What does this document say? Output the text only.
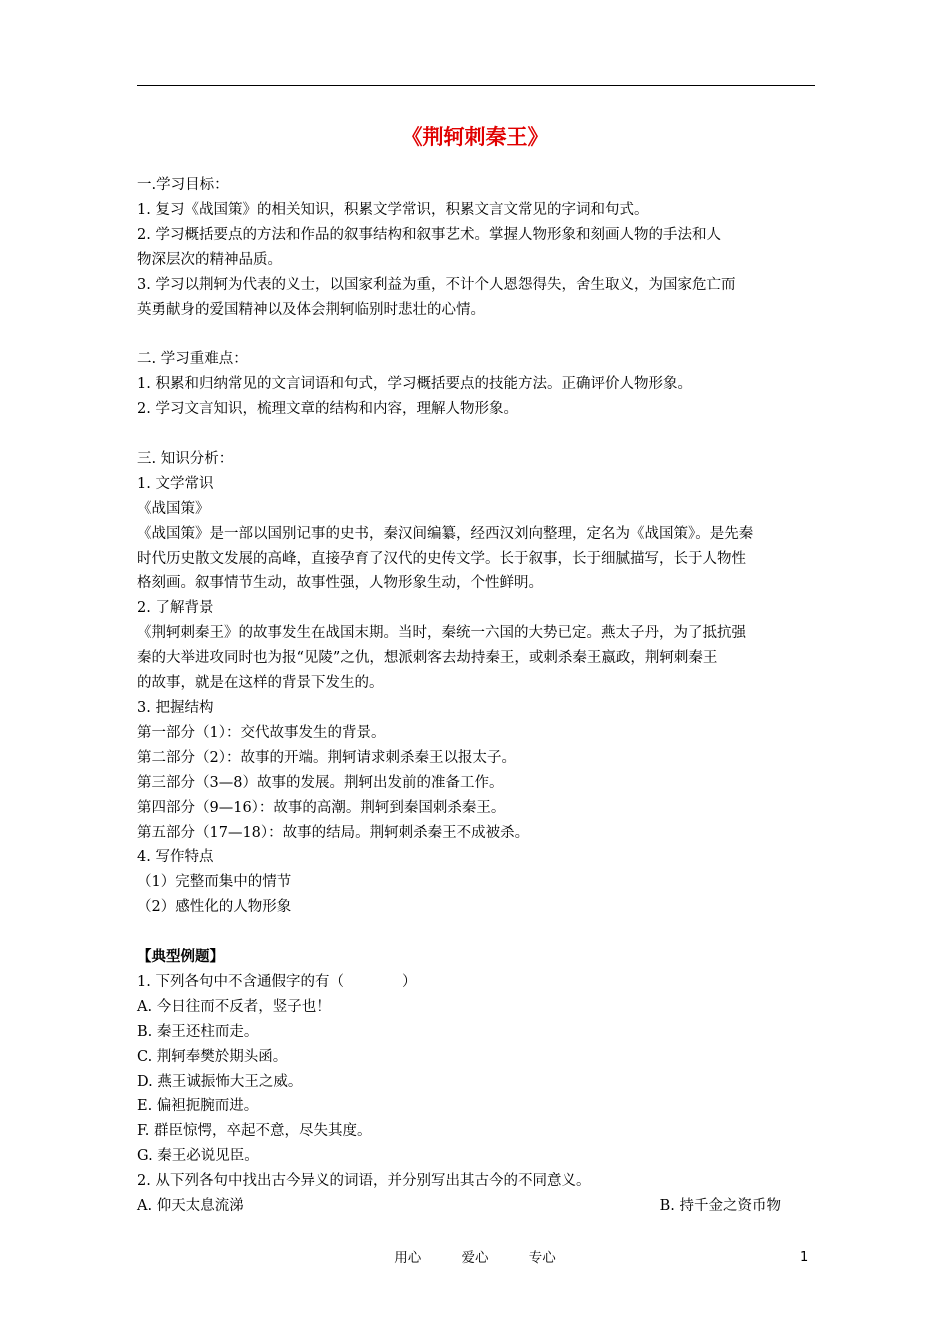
《荆轲刺秦王》

一.学习目标：

1. 复习《战国策》的相关知识，积累文学常识，积累文言文常见的字词和句式。

2. 学习概括要点的方法和作品的叙事结构和叙事艺术。掌握人物形象和刻画人物的手法和人

物深层次的精神品质。

3. 学习以荆轲为代表的义士，以国家利益为重，不计个人恩怨得失，舍生取义，为国家危亡而

英勇献身的爱国精神以及体会荆轲临别时悲壮的心情。

二. 学习重难点：

1. 积累和归纳常见的文言词语和句式，学习概括要点的技能方法。正确评价人物形象。

2. 学习文言知识，梳理文章的结构和内容，理解人物形象。

三. 知识分析：

1. 文学常识

《战国策》

《战国策》是一部以国别记事的史书，秦汉间编纂，经西汉刘向整理，定名为《战国策》。是先秦

时代历史散文发展的高峰，直接孕育了汉代的史传文学。长于叙事，长于细腻描写，长于人物性

格刻画。叙事情节生动，故事性强，人物形象生动，个性鲜明。

2. 了解背景

《荆轲刺秦王》的故事发生在战国末期。当时，秦统一六国的大势已定。燕太子丹，为了抵抗强

秦的大举进攻同时也为报“见陵”之仇，想派刺客去劫持秦王，或刺杀秦王嬴政，荆轲刺秦王

的故事，就是在这样的背景下发生的。

3. 把握结构

第一部分（1）：交代故事发生的背景。

第二部分（2）：故事的开端。荆轲请求刺杀秦王以报太子。

第三部分（3—8）故事的发展。荆轲出发前的准备工作。

第四部分（9—16）：故事的高潮。荆轲到秦国刺杀秦王。

第五部分（17—18）：故事的结局。荆轲刺杀秦王不成被杀。

4. 写作特点

（1）完整而集中的情节

（2）感性化的人物形象

【典型例题】

1. 下列各句中不含通假字的有（　　　　）

A. 今日往而不反者，竖子也！

B. 秦王还柱而走。

C. 荆轲奉樊於期头函。

D. 燕王诚振怖大王之威。

E. 偏袒扼腕而进。

F. 群臣惊愕，卒起不意，尽失其度。

G. 秦王必说见臣。

2. 从下列各句中找出古今异义的词语，并分别写出其古今的不同意义。

A. 仰天太息流涕	B. 持千金之资币物

用心	爱心	专心	1
